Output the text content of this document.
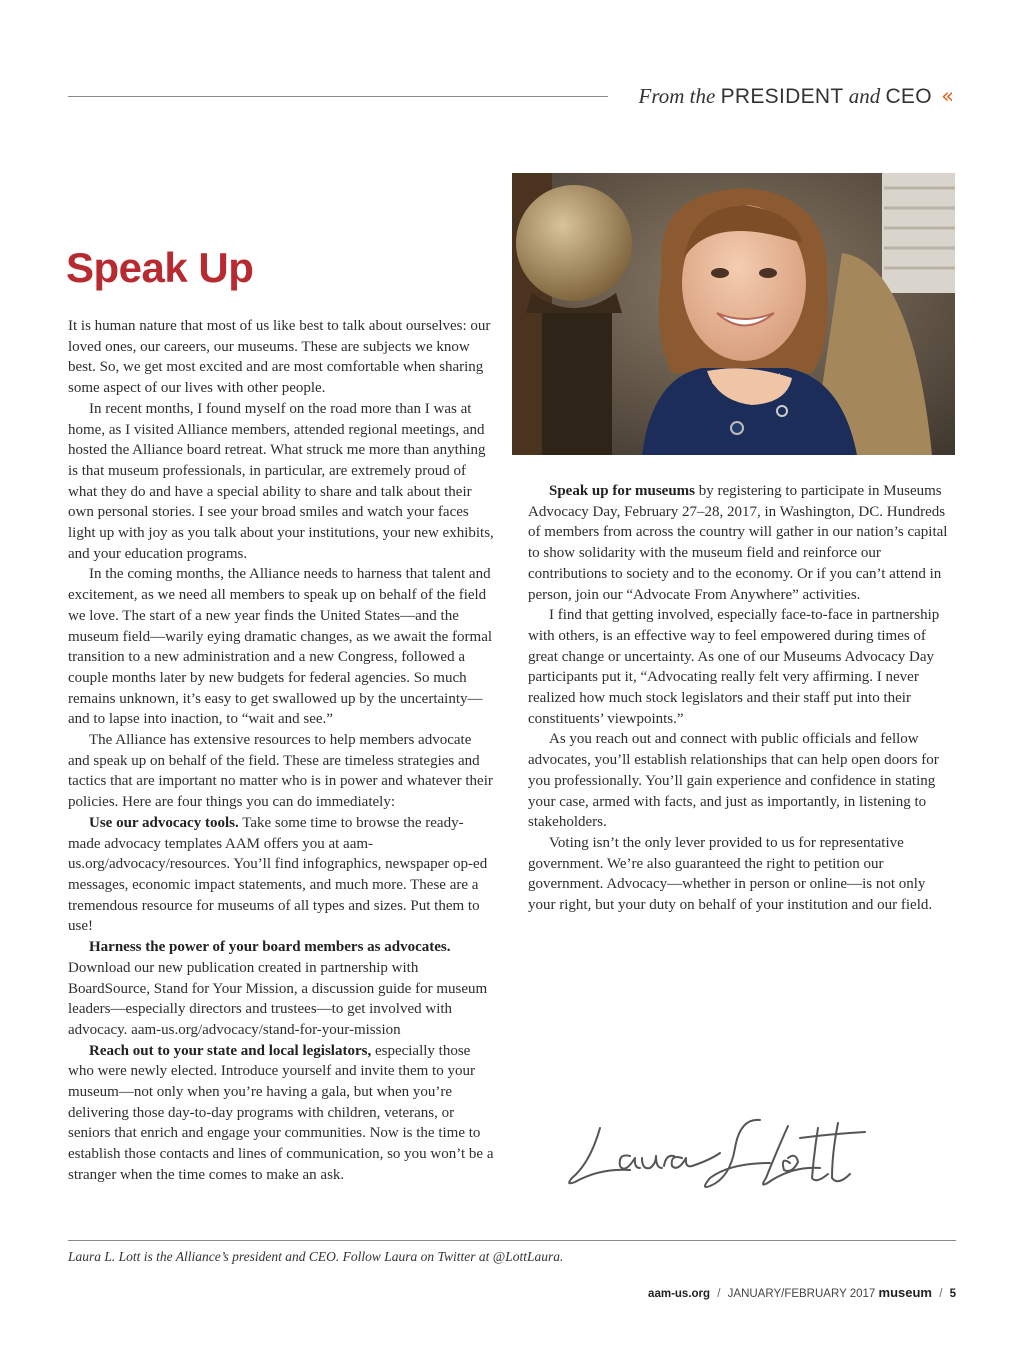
From the PRESIDENT and CEO «
Speak Up

It is human nature that most of us like best to talk about ourselves: our loved ones, our careers, our museums. These are subjects we know best. So, we get most excited and are most comfortable when sharing some aspect of our lives with other people.

In recent months, I found myself on the road more than I was at home, as I visited Alliance members, attended regional meetings, and hosted the Alliance board retreat. What struck me more than anything is that museum professionals, in particular, are extremely proud of what they do and have a special ability to share and talk about their own personal stories. I see your broad smiles and watch your faces light up with joy as you talk about your institutions, your new exhibits, and your education programs.

In the coming months, the Alliance needs to harness that talent and excitement, as we need all members to speak up on behalf of the field we love. The start of a new year finds the United States—and the museum field—warily eying dramatic changes, as we await the formal transition to a new administration and a new Congress, followed a couple months later by new budgets for federal agencies. So much remains unknown, it’s easy to get swallowed up by the uncertainty—and to lapse into inaction, to “wait and see.”

The Alliance has extensive resources to help members advocate and speak up on behalf of the field. These are timeless strategies and tactics that are important no matter who is in power and whatever their policies. Here are four things you can do immediately:

Use our advocacy tools. Take some time to browse the ready-made advocacy templates AAM offers you at aam-us.org/advocacy/resources. You’ll find infographics, newspaper op-ed messages, economic impact statements, and much more. These are a tremendous resource for museums of all types and sizes. Put them to use!

Harness the power of your board members as advocates. Download our new publication created in partnership with BoardSource, Stand for Your Mission, a discussion guide for museum leaders—especially directors and trustees—to get involved with advocacy. aam-us.org/advocacy/stand-for-your-mission

Reach out to your state and local legislators, especially those who were newly elected. Introduce yourself and invite them to your museum—not only when you’re having a gala, but when you’re delivering those day-to-day programs with children, veterans, or seniors that enrich and engage your communities. Now is the time to establish those contacts and lines of communication, so you won’t be a stranger when the time comes to make an ask.

Speak up for museums by registering to participate in Museums Advocacy Day, February 27–28, 2017, in Washington, DC. Hundreds of members from across the country will gather in our nation’s capital to show solidarity with the museum field and reinforce our contributions to society and to the economy. Or if you can’t attend in person, join our “Advocate From Anywhere” activities.

I find that getting involved, especially face-to-face in partnership with others, is an effective way to feel empowered during times of great change or uncertainty. As one of our Museums Advocacy Day participants put it, “Advocating really felt very affirming. I never realized how much stock legislators and their staff put into their constituents’ viewpoints.”

As you reach out and connect with public officials and fellow advocates, you’ll establish relationships that can help open doors for you professionally. You’ll gain experience and confidence in stating your case, armed with facts, and just as importantly, in listening to stakeholders.

Voting isn’t the only lever provided to us for representative government. We’re also guaranteed the right to petition our government. Advocacy—whether in person or online—is not only your right, but your duty on behalf of your institution and our field.

Laura L. Lott is the Alliance’s president and CEO. Follow Laura on Twitter at @LottLaura.
aam-us.org / JANUARY/FEBRUARY 2017 museum / 5
